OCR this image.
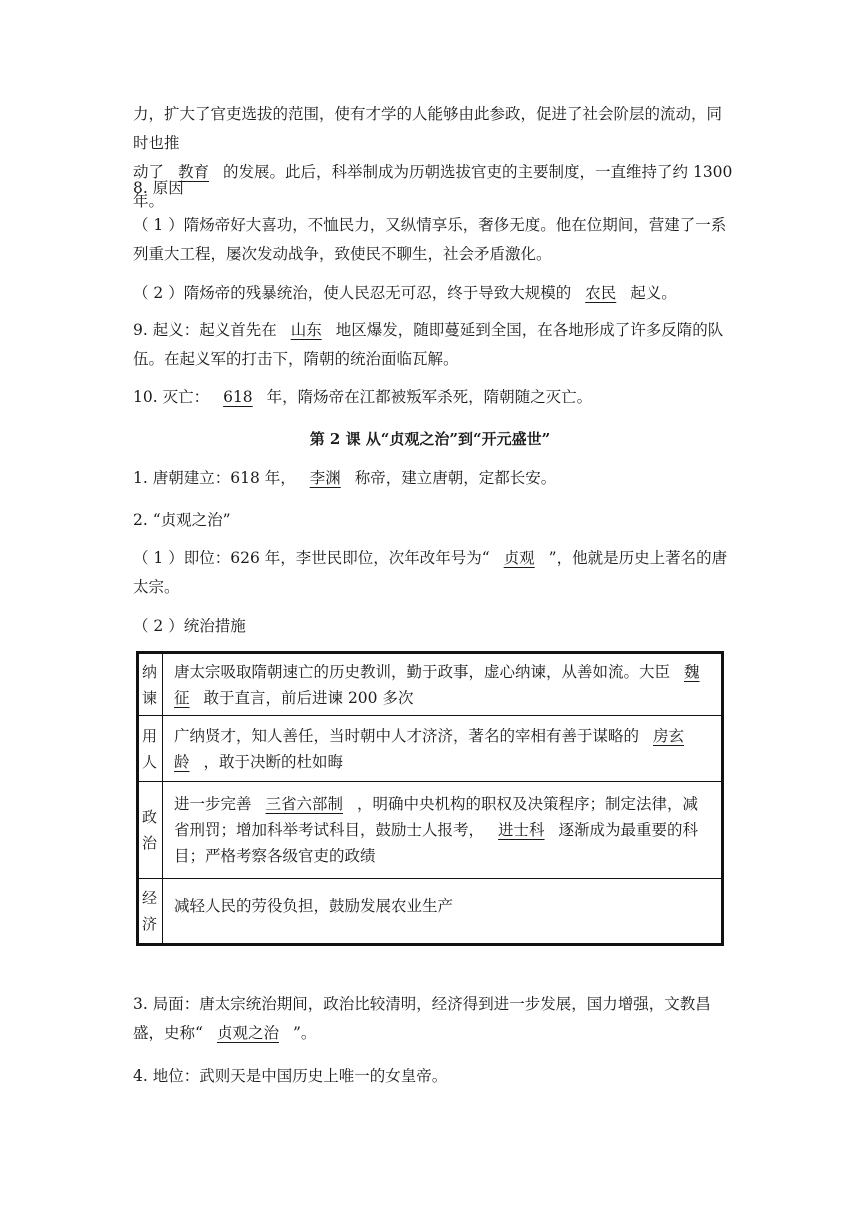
力，扩大了官吏选拔的范围，使有才学的人能够由此参政，促进了社会阶层的流动，同时也推
动了 教育 的发展。此后，科举制成为历朝选拔官吏的主要制度，一直维持了约 1300 年。

8. 原因

（ 1 ）隋炀帝好大喜功，不恤民力，又纵情享乐，奢侈无度。他在位期间，营建了一系列重大工程，屡次发动战争，致使民不聊生，社会矛盾激化。

（ 2 ）隋炀帝的残暴统治，使人民忍无可忍，终于导致大规模的 农民 起义。

9. 起义：起义首先在 山东 地区爆发，随即蔓延到全国，在各地形成了许多反隋的队伍。在起义军的打击下，隋朝的统治面临瓦解。

10. 灭亡： 618 年，隋炀帝在江都被叛军杀死，隋朝随之灭亡。

第 2 课 从“贞观之治”到“开元盛世”

1. 唐朝建立：618 年， 李渊 称帝，建立唐朝，定都长安。

2. “贞观之治”

（ 1 ）即位：626 年，李世民即位，次年改年号为“ 贞观 ”，他就是历史上著名的唐太宗。

（ 2 ）统治措施

纳谏	唐太宗吸取隋朝速亡的历史教训，勤于政事，虚心纳谏，从善如流。大臣 魏征 敢于直言，前后进谏 200 多次
用人	广纳贤才，知人善任，当时朝中人才济济，著名的宰相有善于谋略的 房玄龄 ，敢于决断的杜如晦
政治	进一步完善 三省六部制 ，明确中央机构的职权及决策程序；制定法律，减省刑罚；增加科举考试科目，鼓励士人报考， 进士科 逐渐成为最重要的科目；严格考察各级官吏的政绩
经济	减轻人民的劳役负担，鼓励发展农业生产

3. 局面：唐太宗统治期间，政治比较清明，经济得到进一步发展，国力增强，文教昌盛，史称“ 贞观之治 ”。

4. 地位：武则天是中国历史上唯一的女皇帝。
